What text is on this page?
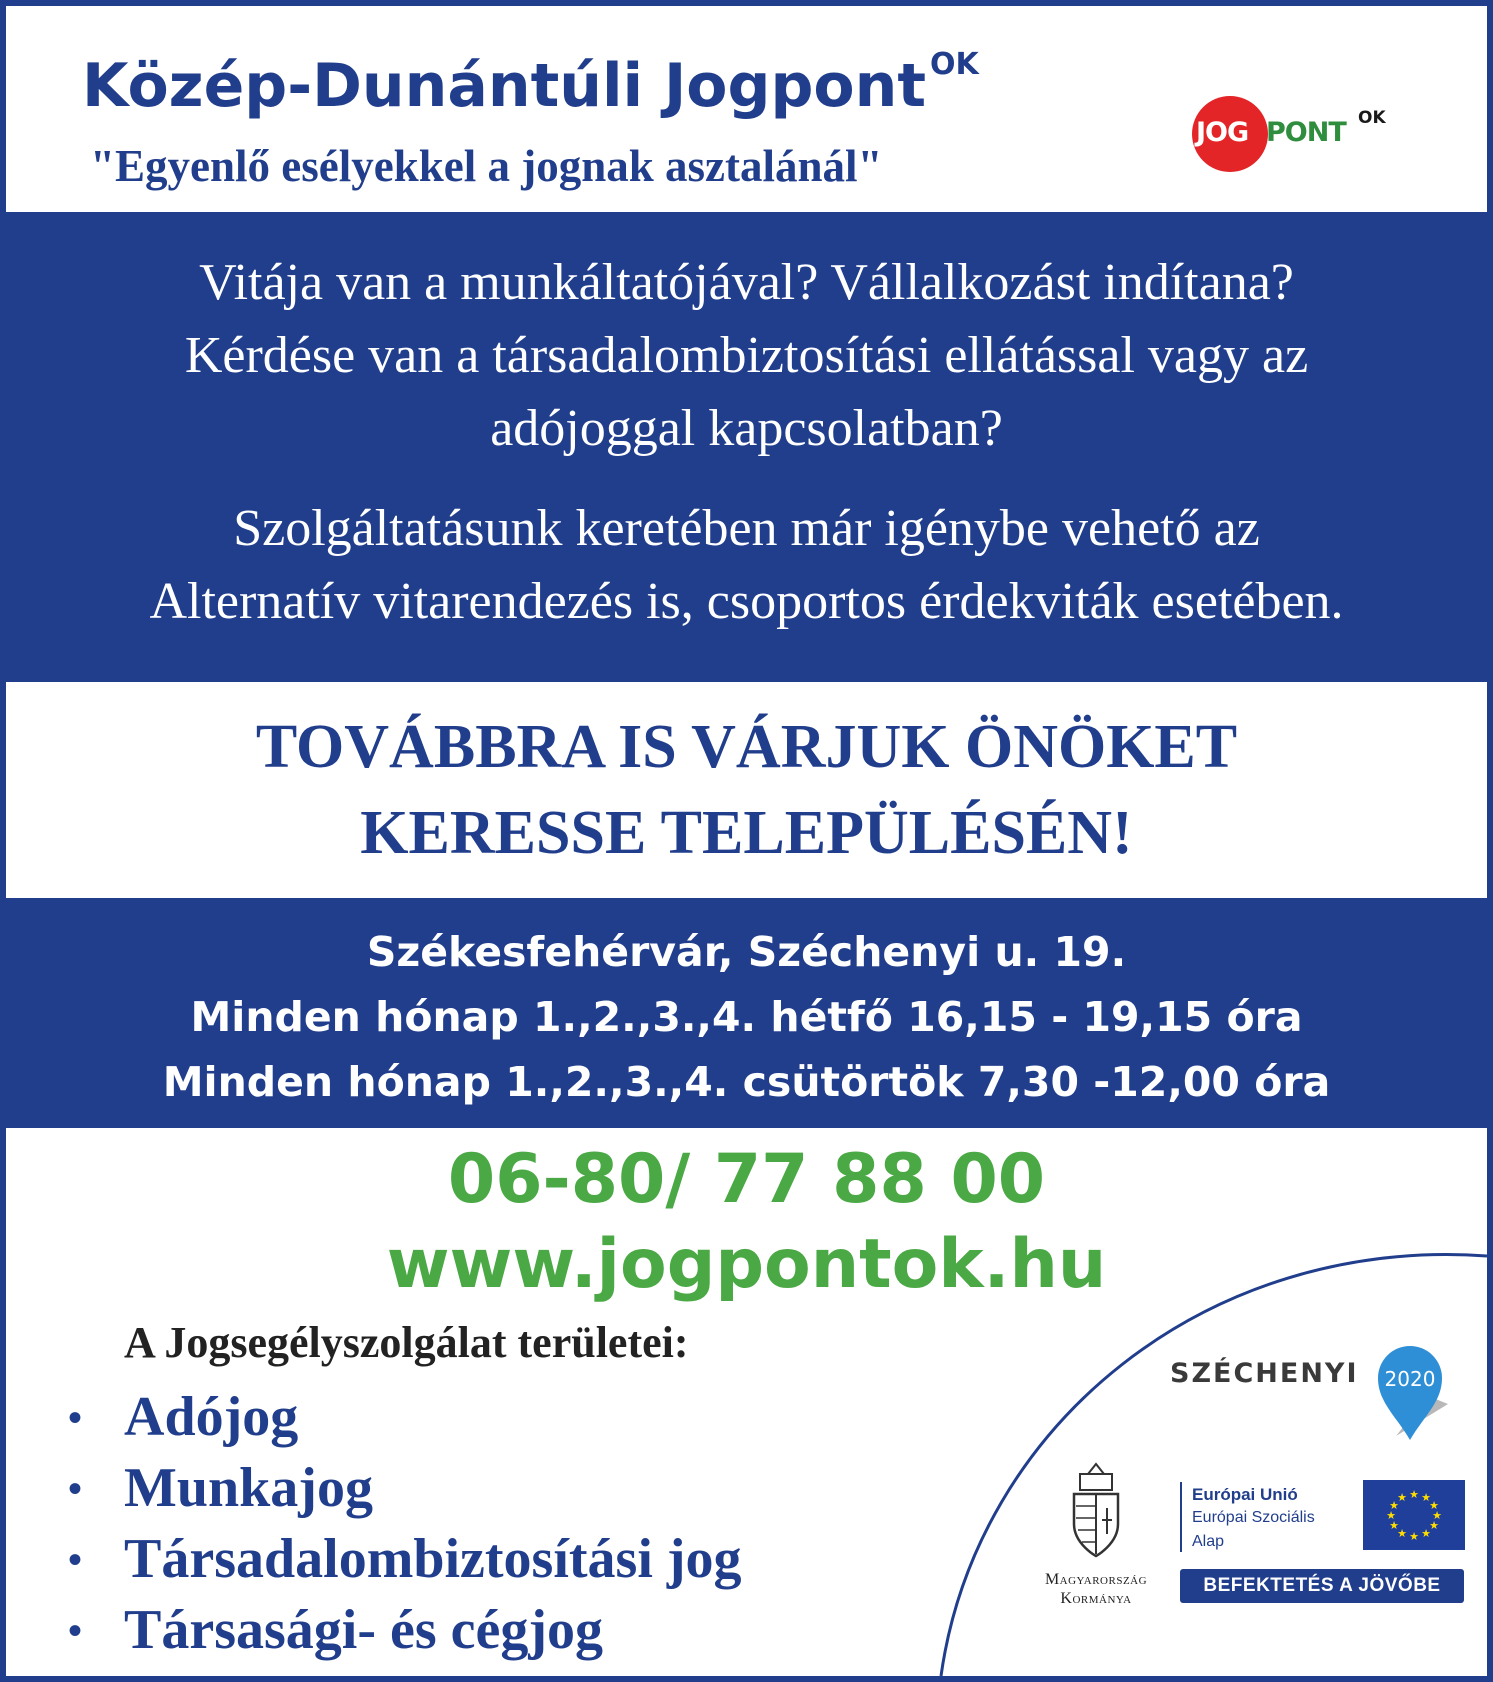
Közép-Dunántúli Jogpont $^{OK}$

"Egyenlő esélyekkel a jognak asztalánál"

JOG PONT OK

Vitája van a munkáltatójával? Vállalkozást indítana?

Kérdése van a társadalombiztosítási ellátással vagy az

adójoggal kapcsolatban?

Szolgáltatásunk keretében már igénybe vehető az

Alternatív vitarendezés is, csoportos érdekviták esetében.

TOVÁBBRA IS VÁRJUK ÖNÖKET

KERESSE TELEPÜLÉSÉN!

Székesfehérvár, Széchenyi u. 19.

Minden hónap 1.,2.,3.,4. hétfő 16,15 - 19,15 óra

Minden hónap 1.,2.,3.,4. csütörtök 7,30 -12,00 óra

06-80/ 77 88 00

www.jogpontok.hu

A Jogsegélyszolgálat területei:

• Adójog
• Munkajog
• Társadalombiztosítási jog
• Társasági- és cégjog
SZÉCHENYI 2020

Magyarország
Kormánya

Európai Unió

Európai Szociális

Alap

★ ★
★
★
★
★
★
★
★
★
★
★
BEFEKTETÉS A JÖVŐBE
